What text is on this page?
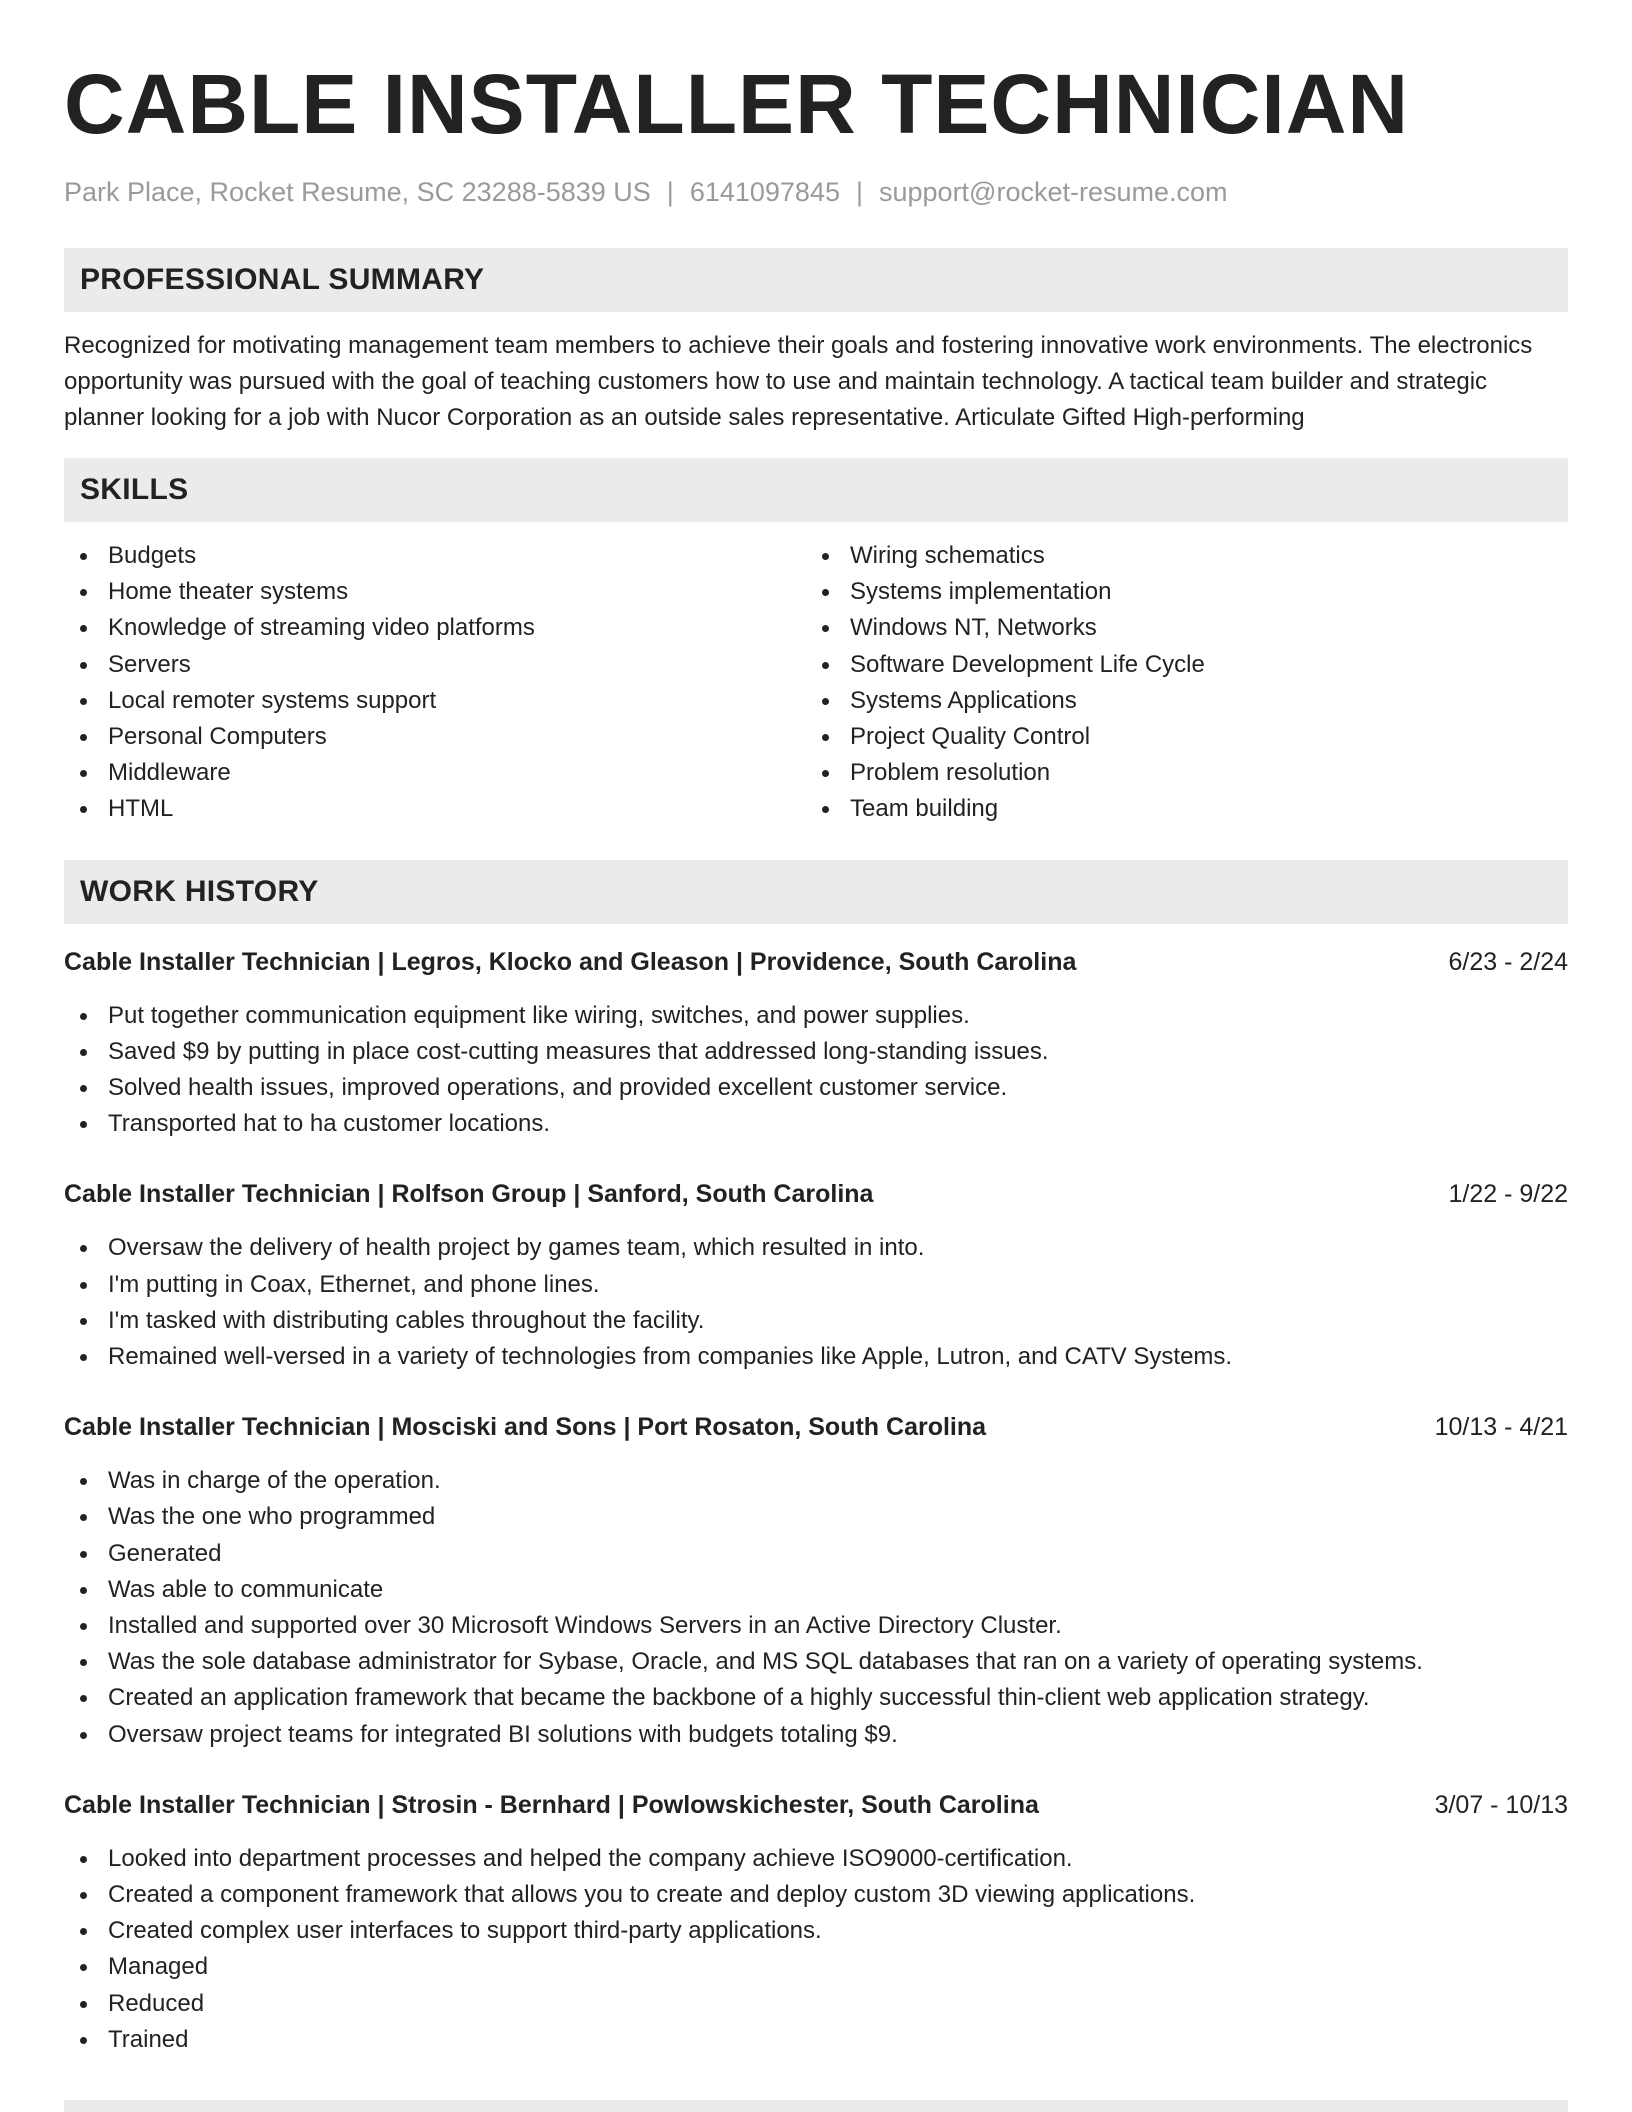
CABLE INSTALLER TECHNICIAN
Park Place, Rocket Resume, SC 23288-5839 US | 6141097845 | support@rocket-resume.com
PROFESSIONAL SUMMARY

Recognized for motivating management team members to achieve their goals and fostering innovative work environments. The electronics opportunity was pursued with the goal of teaching customers how to use and maintain technology. A tactical team builder and strategic planner looking for a job with Nucor Corporation as an outside sales representative. Articulate Gifted High-performing

SKILLS
Budgets
Home theater systems
Knowledge of streaming video platforms
Servers
Local remoter systems support
Personal Computers
Middleware
HTML
Wiring schematics
Systems implementation
Windows NT, Networks
Software Development Life Cycle
Systems Applications
Project Quality Control
Problem resolution
Team building
WORK HISTORY
Cable Installer Technician | Legros, Klocko and Gleason | Providence, South Carolina	6/23 - 2/24
Put together communication equipment like wiring, switches, and power supplies.
Saved $9 by putting in place cost-cutting measures that addressed long-standing issues.
Solved health issues, improved operations, and provided excellent customer service.
Transported hat to ha customer locations.
Cable Installer Technician | Rolfson Group | Sanford, South Carolina	1/22 - 9/22
Oversaw the delivery of health project by games team, which resulted in into.
I'm putting in Coax, Ethernet, and phone lines.
I'm tasked with distributing cables throughout the facility.
Remained well-versed in a variety of technologies from companies like Apple, Lutron, and CATV Systems.
Cable Installer Technician | Mosciski and Sons | Port Rosaton, South Carolina	10/13 - 4/21
Was in charge of the operation.
Was the one who programmed
Generated
Was able to communicate
Installed and supported over 30 Microsoft Windows Servers in an Active Directory Cluster.
Was the sole database administrator for Sybase, Oracle, and MS SQL databases that ran on a variety of operating systems.
Created an application framework that became the backbone of a highly successful thin-client web application strategy.
Oversaw project teams for integrated BI solutions with budgets totaling $9.
Cable Installer Technician | Strosin - Bernhard | Powlowskichester, South Carolina	3/07 - 10/13
Looked into department processes and helped the company achieve ISO9000-certification.
Created a component framework that allows you to create and deploy custom 3D viewing applications.
Created complex user interfaces to support third-party applications.
Managed
Reduced
Trained
